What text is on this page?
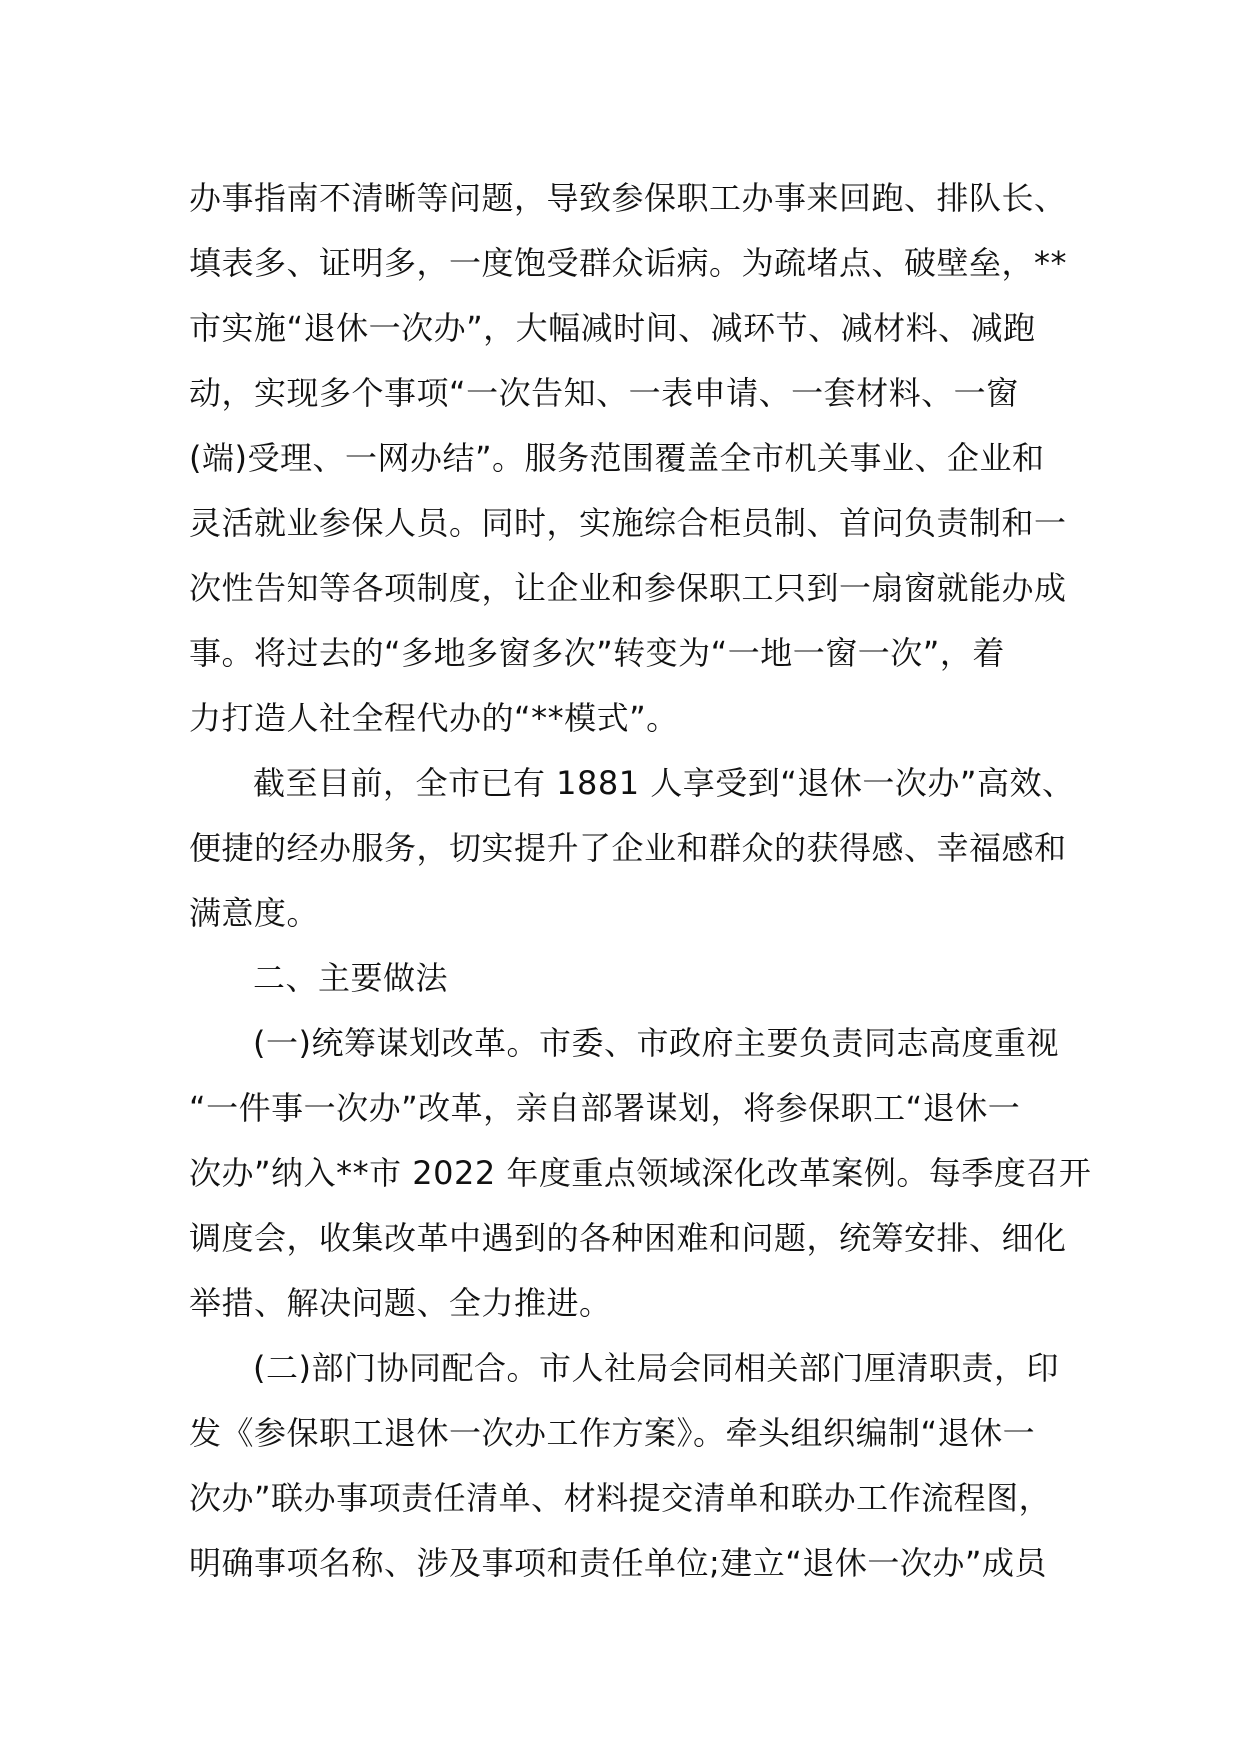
办事指南不清晰等问题，导致参保职工办事来回跑、排队长、
填表多、证明多，一度饱受群众诟病。为疏堵点、破壁垒，**
市实施“退休一次办”，大幅减时间、减环节、减材料、减跑
动，实现多个事项“一次告知、一表申请、一套材料、一窗
(端)受理、一网办结”。服务范围覆盖全市机关事业、企业和
灵活就业参保人员。同时，实施综合柜员制、首问负责制和一
次性告知等各项制度，让企业和参保职工只到一扇窗就能办成
事。将过去的“多地多窗多次”转变为“一地一窗一次”，着
力打造人社全程代办的“**模式”。
截至目前，全市已有 1881 人享受到“退休一次办”高效、
便捷的经办服务，切实提升了企业和群众的获得感、幸福感和
满意度。
二、主要做法
(一)统筹谋划改革。市委、市政府主要负责同志高度重视
“一件事一次办”改革，亲自部署谋划，将参保职工“退休一
次办”纳入**市 2022 年度重点领域深化改革案例。每季度召开
调度会，收集改革中遇到的各种困难和问题，统筹安排、细化
举措、解决问题、全力推进。
(二)部门协同配合。市人社局会同相关部门厘清职责，印
发《参保职工退休一次办工作方案》。牵头组织编制“退休一
次办”联办事项责任清单、材料提交清单和联办工作流程图，
明确事项名称、涉及事项和责任单位;建立“退休一次办”成员
